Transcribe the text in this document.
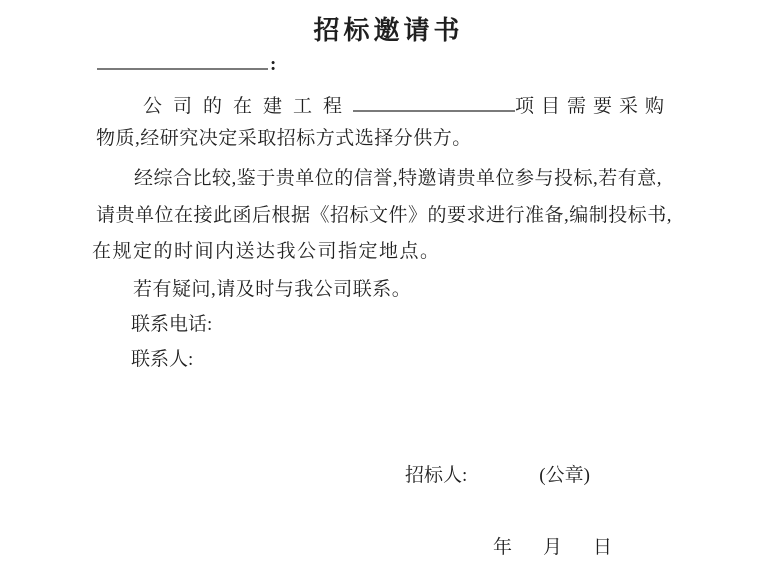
招标邀请书
:
公司的在建工程	项目需要采购
物质,经研究决定采取招标方式选择分供方。
经综合比较,鉴于贵单位的信誉,特邀请贵单位参与投标,若有意,
请贵单位在接此函后根据《招标文件》的要求进行准备,编制投标书,
在规定的时间内送达我公司指定地点。
若有疑问,请及时与我公司联系。
联系电话:
联系人:
招标人:	(公章)
年 月 日
